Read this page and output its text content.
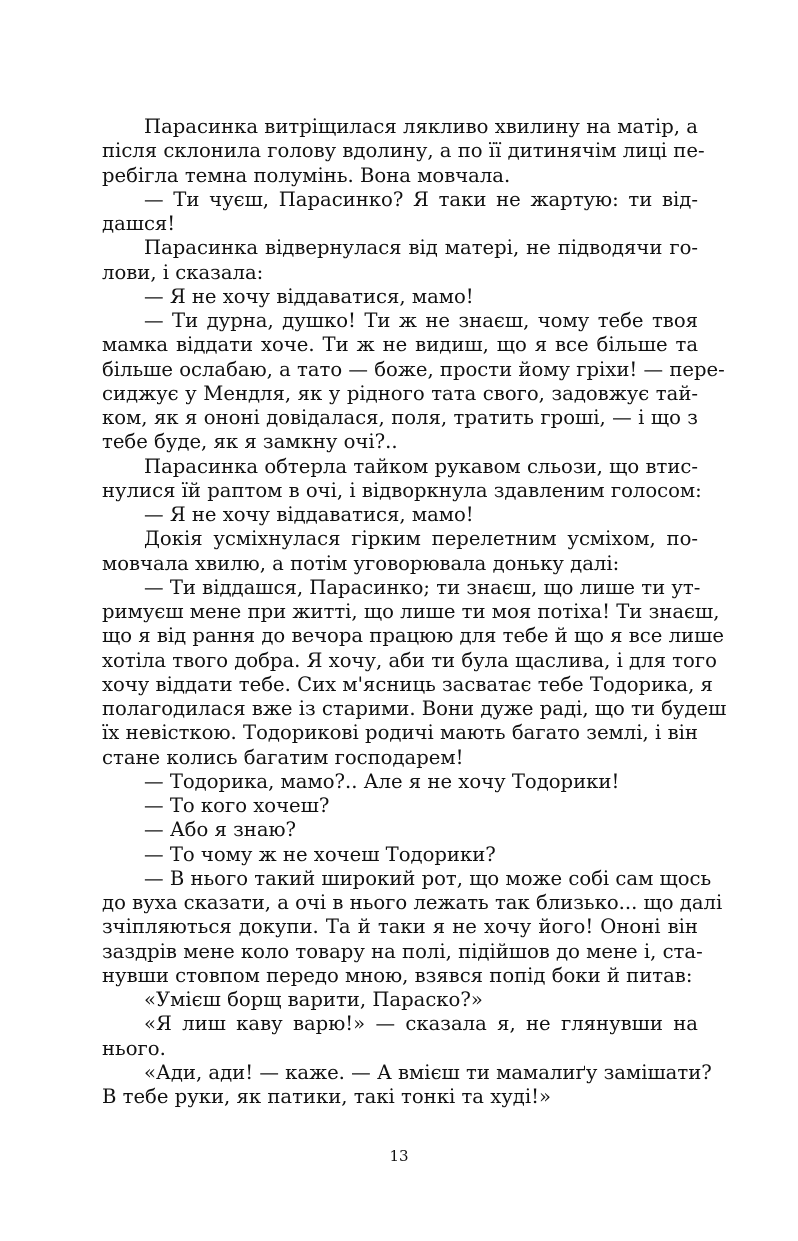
Парасинка витріщилася лякливо хвилину на матір, а
після склонила голову вдолину, а по її дитинячім лиці пе-
ребігла темна полумінь. Вона мовчала.
— Ти чуєш, Парасинко? Я таки не жартую: ти від-
дашся!
Парасинка відвернулася від матері, не підводячи го-
лови, і сказала:
— Я не хочу віддаватися, мамо!
— Ти дурна, душко! Ти ж не знаєш, чому тебе твоя
мамка віддати хоче. Ти ж не видиш, що я все більше та
більше ослабаю, а тато — боже, прости йому гріхи! — пере-
сиджує у Мендля, як у рідного тата свого, задовжує тай-
ком, як я ононі довідалася, поля, тратить гроші, — і що з
тебе буде, як я замкну очі?..
Парасинка обтерла тайком рукавом сльози, що втис-
нулися їй раптом в очі, і відворкнула здавленим голосом:
— Я не хочу віддаватися, мамо!
Докія усміхнулася гірким перелетним усміхом, по-
мовчала хвилю, а потім уговорювала доньку далі:
— Ти віддашся, Парасинко; ти знаєш, що лише ти ут-
римуєш мене при житті, що лише ти моя потіха! Ти знаєш,
що я від рання до вечора працюю для тебе й що я все лише
хотіла твого добра. Я хочу, аби ти була щаслива, і для того
хочу віддати тебе. Сих м'ясниць засватає тебе Тодорика, я
полагодилася вже із старими. Вони дуже раді, що ти будеш
їх невісткою. Тодорикові родичі мають багато землі, і він
стане колись багатим господарем!
— Тодорика, мамо?.. Але я не хочу Тодорики!
— То кого хочеш?
— Або я знаю?
— То чому ж не хочеш Тодорики?
— В нього такий широкий рот, що може собі сам щось
до вуха сказати, а очі в нього лежать так близько... що далі
зчіпляються докупи. Та й таки я не хочу його! Ононі він
заздрів мене коло товару на полі, підійшов до мене і, ста-
нувши стовпом передо мною, взявся попід боки й питав:
«Умієш борщ варити, Параско?»
«Я лиш каву варю!» — сказала я, не глянувши на
нього.
«Ади, ади! — каже. — А вмієш ти мамалиґу замішати?
В тебе руки, як патики, такі тонкі та худі!»
13
